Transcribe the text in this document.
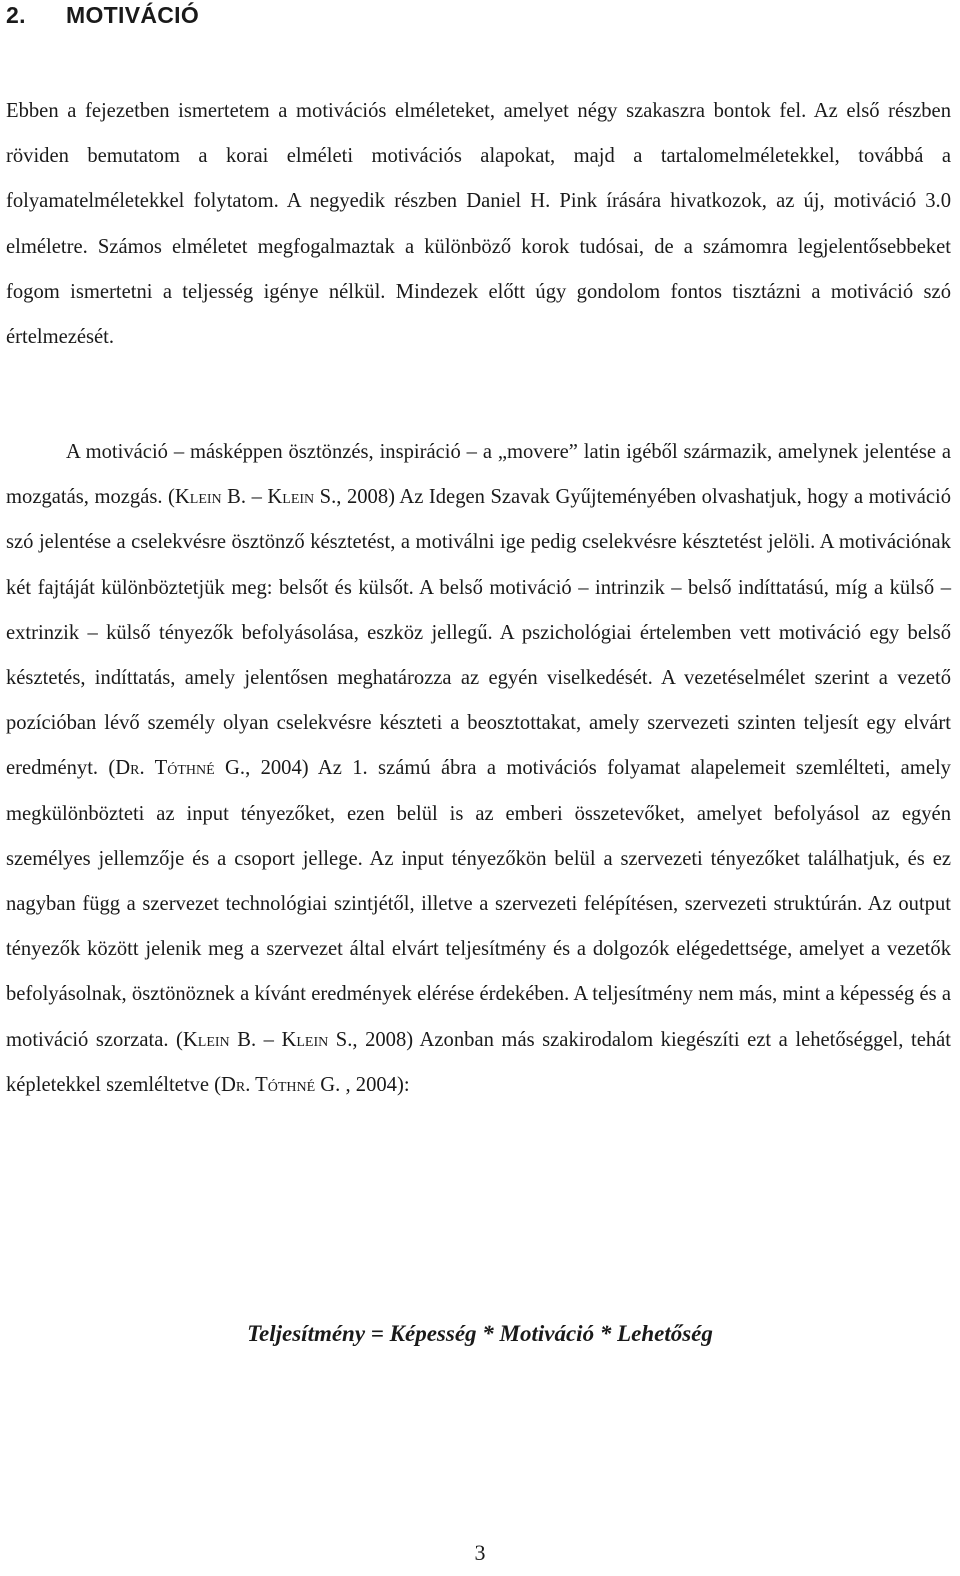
2. MOTIVÁCIÓ

Ebben a fejezetben ismertetem a motivációs elméleteket, amelyet négy szakaszra bontok fel. Az első részben röviden bemutatom a korai elméleti motivációs alapokat, majd a tartalomelméletekkel, továbbá a folyamatelméletekkel folytatom. A negyedik részben Daniel H. Pink írására hivatkozok, az új, motiváció 3.0 elméletre. Számos elméletet megfogalmaztak a különböző korok tudósai, de a számomra legjelentősebbeket fogom ismertetni a teljesség igénye nélkül. Mindezek előtt úgy gondolom fontos tisztázni a motiváció szó értelmezését.

A motiváció – másképpen ösztönzés, inspiráció – a „movere” latin igéből származik, amelynek jelentése a mozgatás, mozgás. (Klein B. – Klein S., 2008) Az Idegen Szavak Gyűjteményében olvashatjuk, hogy a motiváció szó jelentése a cselekvésre ösztönző késztetést, a motiválni ige pedig cselekvésre késztetést jelöli. A motivációnak két fajtáját különböztetjük meg: belsőt és külsőt. A belső motiváció – intrinzik – belső indíttatású, míg a külső – extrinzik – külső tényezők befolyásolása, eszköz jellegű. A pszichológiai értelemben vett motiváció egy belső késztetés, indíttatás, amely jelentősen meghatározza az egyén viselkedését. A vezetéselmélet szerint a vezető pozícióban lévő személy olyan cselekvésre készteti a beosztottakat, amely szervezeti szinten teljesít egy elvárt eredményt. (Dr. Tóthné G., 2004) Az 1. számú ábra a motivációs folyamat alapelemeit szemlélteti, amely megkülönbözteti az input tényezőket, ezen belül is az emberi összetevőket, amelyet befolyásol az egyén személyes jellemzője és a csoport jellege. Az input tényezőkön belül a szervezeti tényezőket találhatjuk, és ez nagyban függ a szervezet technológiai szintjétől, illetve a szervezeti felépítésen, szervezeti struktúrán. Az output tényezők között jelenik meg a szervezet által elvárt teljesítmény és a dolgozók elégedettsége, amelyet a vezetők befolyásolnak, ösztönöznek a kívánt eredmények elérése érdekében. A teljesítmény nem más, mint a képesség és a motiváció szorzata. (Klein B. – Klein S., 2008) Azonban más szakirodalom kiegészíti ezt a lehetőséggel, tehát képletekkel szemléltetve (Dr. Tóthné G. , 2004):

Teljesítmény = Képesség * Motiváció * Lehetőség

3
